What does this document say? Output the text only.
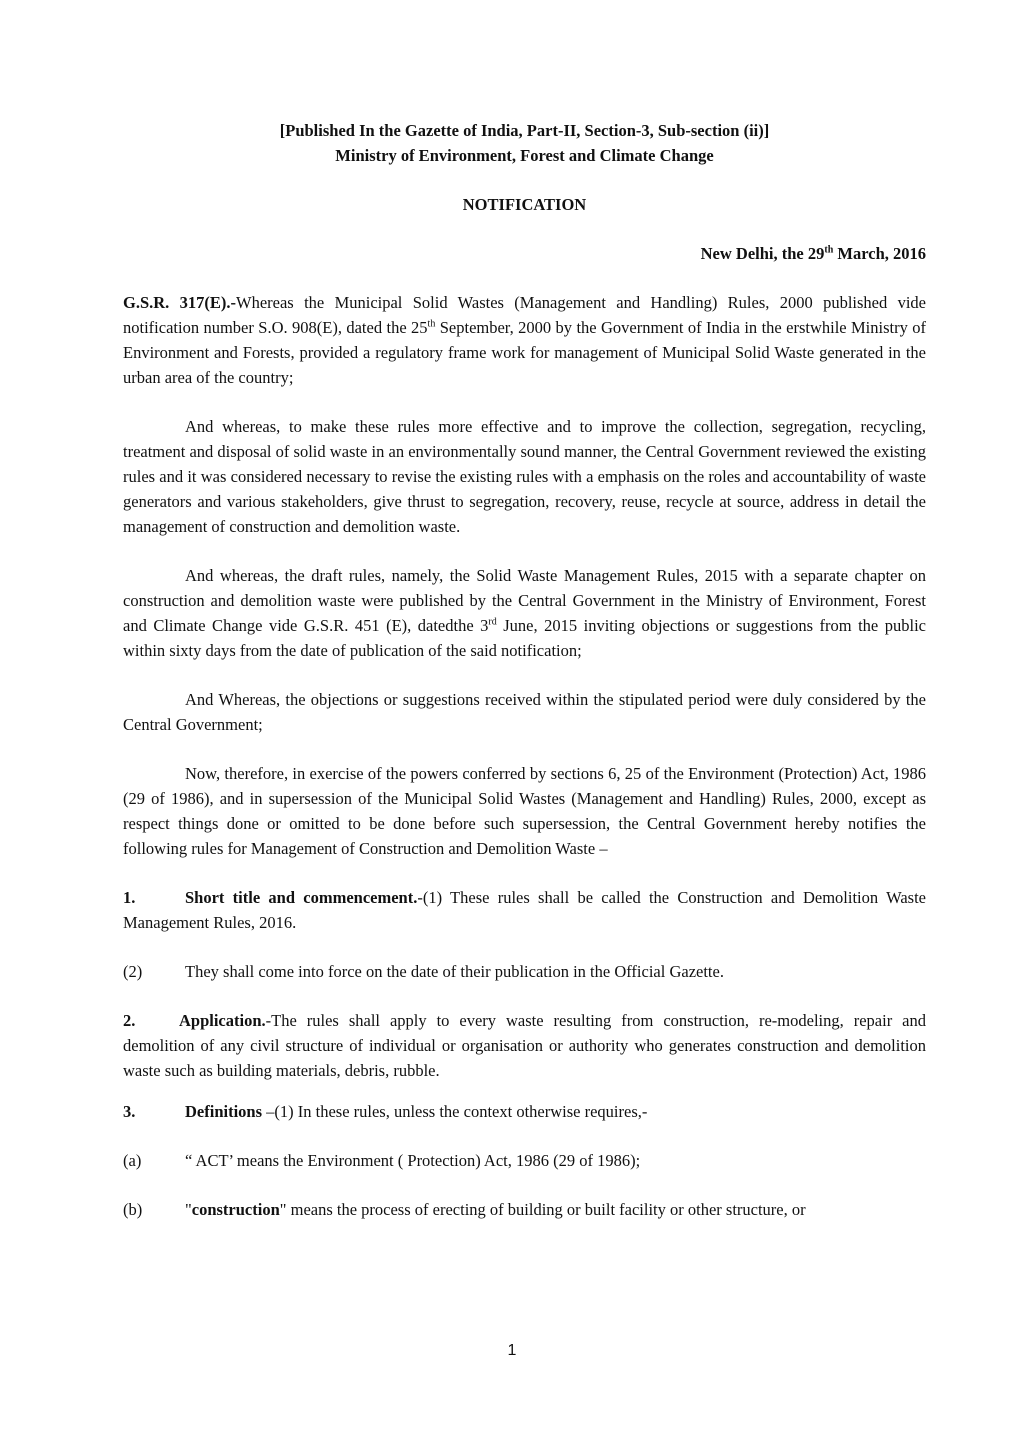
[Published In the Gazette of India, Part-II, Section-3, Sub-section (ii)]
Ministry of Environment, Forest and Climate Change
NOTIFICATION
New Delhi, the 29th March, 2016

G.S.R. 317(E).-Whereas the Municipal Solid Wastes (Management and Handling) Rules, 2000 published vide notification number S.O. 908(E), dated the 25th September, 2000 by the Government of India in the erstwhile Ministry of Environment and Forests, provided a regulatory frame work for management of Municipal Solid Waste generated in the urban area of the country;

And whereas, to make these rules more effective and to improve the collection, segregation, recycling, treatment and disposal of solid waste in an environmentally sound manner, the Central Government reviewed the existing rules and it was considered necessary to revise the existing rules with a emphasis on the roles and accountability of waste generators and various stakeholders, give thrust to segregation, recovery, reuse, recycle at source, address in detail the management of construction and demolition waste.

And whereas, the draft rules, namely, the Solid Waste Management Rules, 2015 with a separate chapter on construction and demolition waste were published by the Central Government in the Ministry of Environment, Forest and Climate Change vide G.S.R. 451 (E), datedthe 3rd June, 2015 inviting objections or suggestions from the public within sixty days from the date of publication of the said notification;

And Whereas, the objections or suggestions received within the stipulated period were duly considered by the Central Government;

Now, therefore, in exercise of the powers conferred by sections 6, 25 of the Environment (Protection) Act, 1986 (29 of 1986), and in supersession of the Municipal Solid Wastes (Management and Handling) Rules, 2000, except as respect things done or omitted to be done before such supersession, the Central Government hereby notifies the following rules for Management of Construction and Demolition Waste –

1.	Short title and commencement.-(1) These rules shall be called the Construction and Demolition Waste Management Rules, 2016.

(2)	They shall come into force on the date of their publication in the Official Gazette.

2.	Application.-The rules shall apply to every waste resulting from construction, re-modeling, repair and demolition of any civil structure of individual or organisation or authority who generates construction and demolition waste such as building materials, debris, rubble.

3.	Definitions –(1) In these rules, unless the context otherwise requires,-

(a)	“ ACT’ means the Environment ( Protection) Act, 1986 (29 of 1986);

(b)	"construction" means the process of erecting of building or built facility or other structure, or

1
